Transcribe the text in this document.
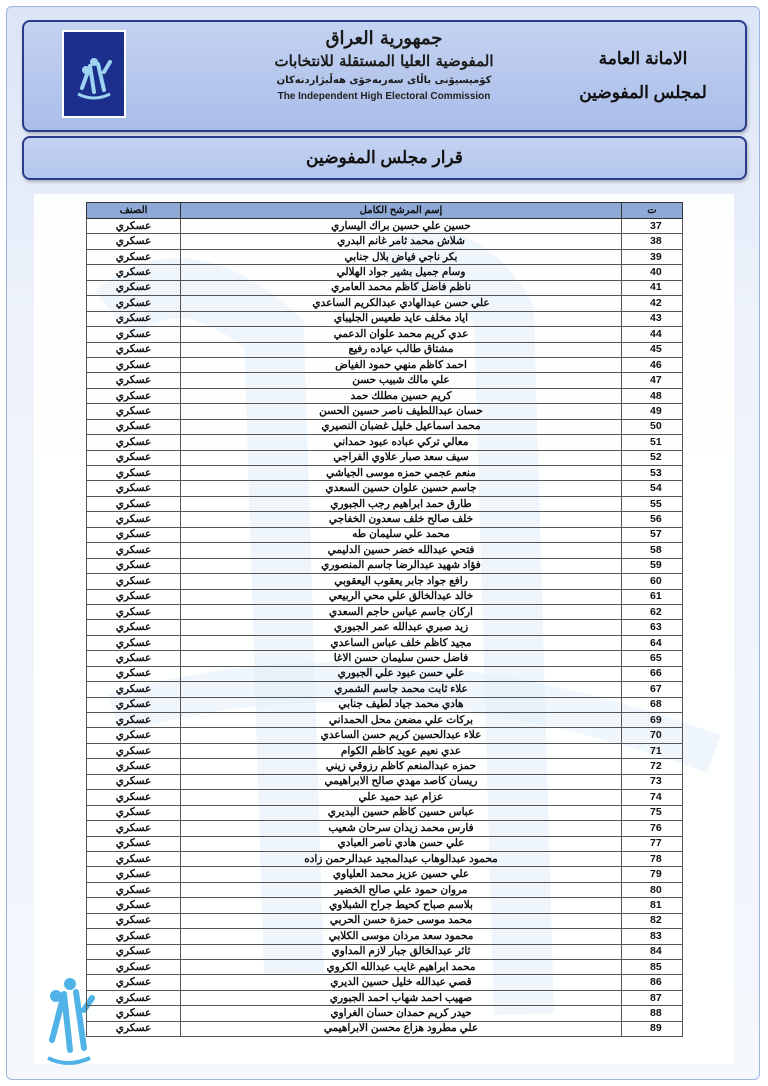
جمهورية العراق
المفوضية العليا المستقلة للانتخابات
كۆمیسیۆنی باڵای سەربەخۆی هەڵبژاردنەكان
The Independent High Electoral Commission
الامانة العامة
لمجلس المفوضين
قرار مجلس المفوضين
ت	إسم المرشح الكامل	الصنف
37	حسين علي حسين براك اليساري	عسكري
38	شلاش محمد ثامر غانم البدري	عسكري
39	بكر ناجي فياض بلال جنابي	عسكري
40	وسام جميل بشير جواد الهلالي	عسكري
41	ناظم فاضل كاظم محمد العامري	عسكري
42	علي حسن عبدالهادي عبدالكريم الساعدي	عسكري
43	اياد مخلف عايد طعيس الجليباي	عسكري
44	عدي كريم محمد علوان الدعمي	عسكري
45	مشتاق طالب عياده رفيع	عسكري
46	احمد كاظم منهي حمود الفياض	عسكري
47	علي مالك شبيب حسن	عسكري
48	كريم حسين مطلك حمد	عسكري
49	حسان عبداللطيف ناصر حسين الحسن	عسكري
50	محمد اسماعيل خليل غضبان النصيري	عسكري
51	معالي تركي عباده عبود حمداني	عسكري
52	سيف سعد صبار علاوي الفراجي	عسكري
53	منعم عجمي حمزه موسى الجياشي	عسكري
54	جاسم حسين علوان حسين السعدي	عسكري
55	طارق حمد ابراهيم رجب الجبوري	عسكري
56	خلف صالح خلف سعدون الخفاجي	عسكري
57	محمد علي سليمان طه	عسكري
58	فتحي عبدالله خضر حسين الدليمي	عسكري
59	فؤاد شهيد عبدالرضا جاسم المنصوري	عسكري
60	رافع جواد جابر يعقوب اليعقوبي	عسكري
61	خالد عبدالخالق علي محي الربيعي	عسكري
62	اركان جاسم عباس حاجم السعدي	عسكري
63	زيد صبري عبدالله عمر الجبوري	عسكري
64	مجيد كاظم خلف عباس الساعدي	عسكري
65	فاضل حسن سليمان حسن الاغا	عسكري
66	علي حسن عبود علي الجبوري	عسكري
67	علاء ثابت محمد جاسم الشمري	عسكري
68	هادي محمد جياد لطيف جنابي	عسكري
69	بركات علي مضعن محل الحمداني	عسكري
70	علاء عبدالحسين كريم حسن الساعدي	عسكري
71	عدي نعيم عويد كاظم الكوام	عسكري
72	حمزه عبدالمنعم كاظم رزوقي زيني	عسكري
73	ريسان كاصد مهدي صالح الابراهيمي	عسكري
74	عزام عبد حميد علي	عسكري
75	عباس حسين كاظم حسين البديري	عسكري
76	فارس محمد زيدان سرحان شعيب	عسكري
77	علي حسن هادي ناصر العبادي	عسكري
78	محمود عبدالوهاب عبدالمجيد عبدالرحمن زاده	عسكري
79	علي حسين عزيز محمد العلياوي	عسكري
80	مروان حمود علي صالح الخضير	عسكري
81	بلاسم صباح كحيط جراح الشبلاوي	عسكري
82	محمد موسى حمزة حسن الحربي	عسكري
83	محمود سعد مردان موسى الكلابي	عسكري
84	ثائر عبدالخالق جبار لازم المداوي	عسكري
85	محمد ابراهيم غايب عبدالله الكروي	عسكري
86	قصي عبدالله خليل حسين الديري	عسكري
87	صهيب احمد شهاب احمد الجبوري	عسكري
88	حيدر كريم حمدان حسان الغراوي	عسكري
89	علي مطرود هزاع محسن الابراهيمي	عسكري
